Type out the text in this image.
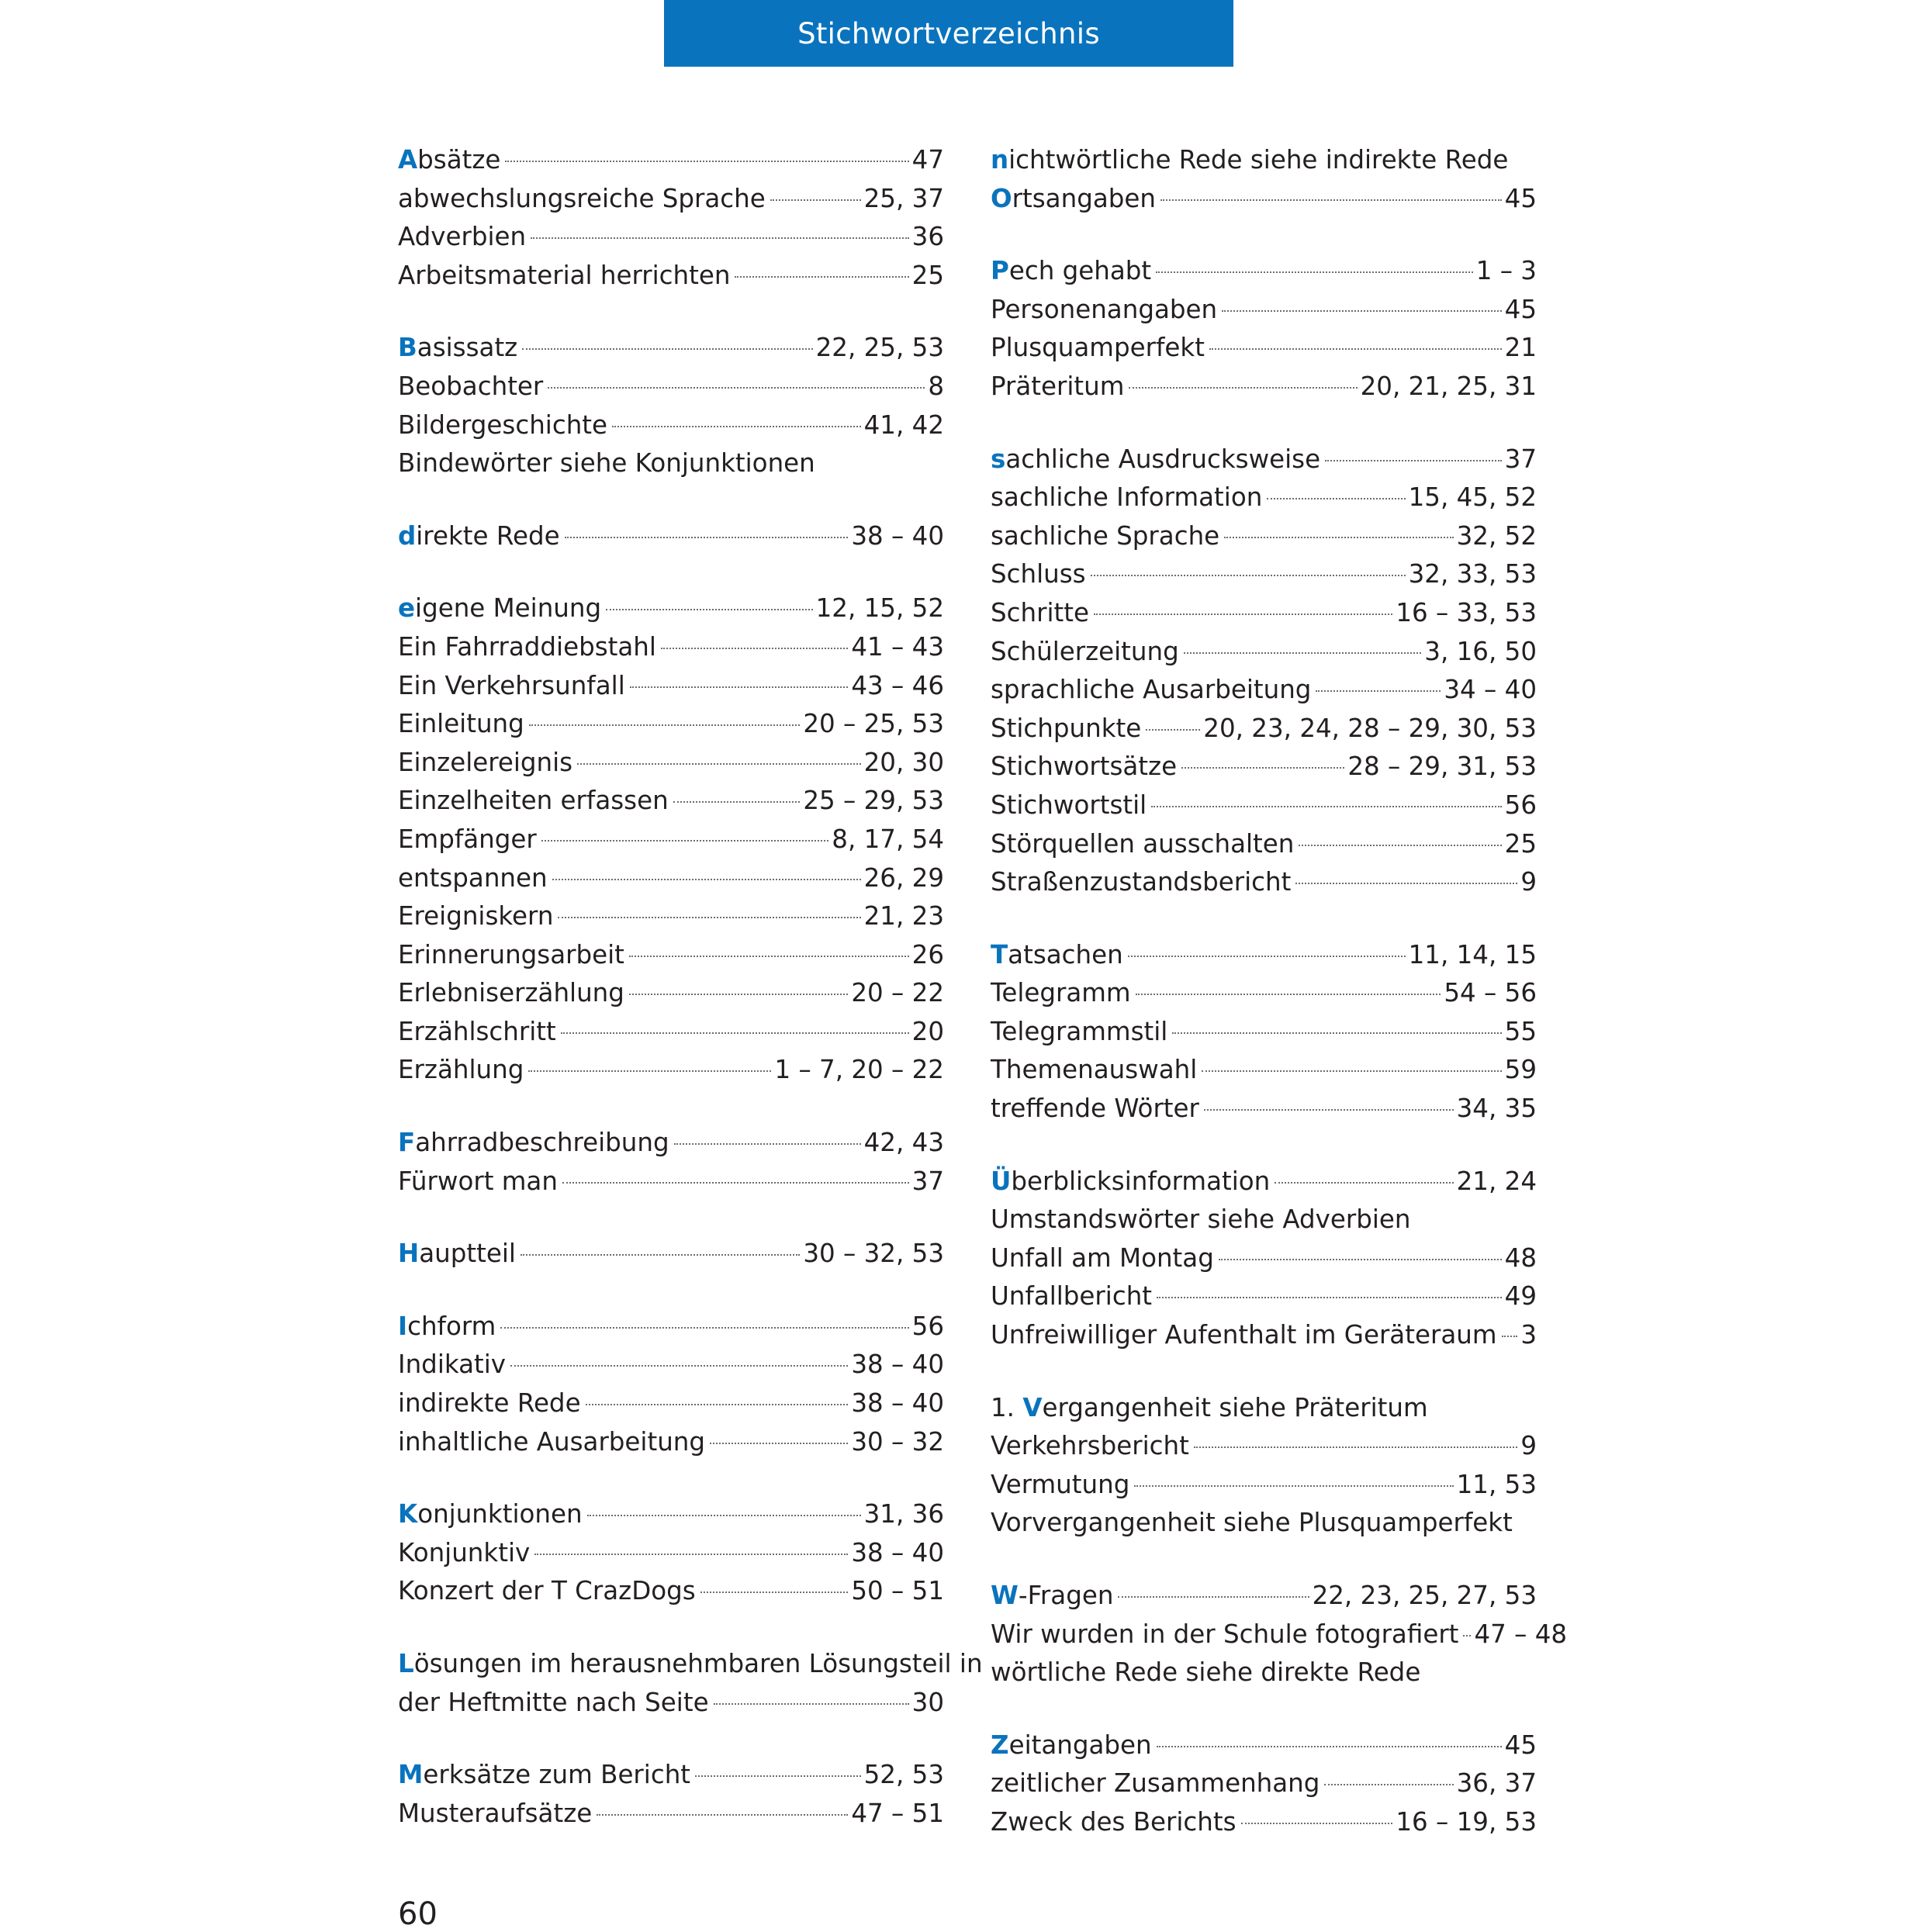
Stichwortverzeichnis
Absätze	47
abwechslungsreiche Sprache	25, 37
Adverbien	36
Arbeitsmaterial herrichten	25
Basissatz	22, 25, 53
Beobachter	8
Bildergeschichte	41, 42
Bindewörter siehe Konjunktionen
direkte Rede	38 – 40
eigene Meinung	12, 15, 52
Ein Fahrraddiebstahl	41 – 43
Ein Verkehrsunfall	43 – 46
Einleitung	20 – 25, 53
Einzelereignis	20, 30
Einzelheiten erfassen	25 – 29, 53
Empfänger	8, 17, 54
entspannen	26, 29
Ereigniskern	21, 23
Erinnerungsarbeit	26
Erlebniserzählung	20 – 22
Erzählschritt	20
Erzählung	1 – 7, 20 – 22
Fahrradbeschreibung	42, 43
Fürwort man	37
Hauptteil	30 – 32, 53
Ichform	56
Indikativ	38 – 40
indirekte Rede	38 – 40
inhaltliche Ausarbeitung	30 – 32
Konjunktionen	31, 36
Konjunktiv	38 – 40
Konzert der T CrazDogs	50 – 51
Lösungen im herausnehmbaren Lösungsteil in
der Heftmitte nach Seite	30
Merksätze zum Bericht	52, 53
Musteraufsätze	47 – 51
nichtwörtliche Rede siehe indirekte Rede
Ortsangaben	45
Pech gehabt	1 – 3
Personenangaben	45
Plusquamperfekt	21
Präteritum	20, 21, 25, 31
sachliche Ausdrucksweise	37
sachliche Information	15, 45, 52
sachliche Sprache	32, 52
Schluss	32, 33, 53
Schritte	16 – 33, 53
Schülerzeitung	3, 16, 50
sprachliche Ausarbeitung	34 – 40
Stichpunkte 20, 23, 24, 28 – 29, 30, 53
Stichwortsätze	28 – 29, 31, 53
Stichwortstil	56
Störquellen ausschalten	25
Straßenzustandsbericht	9
Tatsachen	11, 14, 15
Telegramm	54 – 56
Telegrammstil	55
Themenauswahl	59
treffende Wörter	34, 35
Überblicksinformation	21, 24
Umstandswörter siehe Adverbien
Unfall am Montag	48
Unfallbericht	49
Unfreiwilliger Aufenthalt im Geräteraum 3
1. Vergangenheit siehe Präteritum
Verkehrsbericht	9
Vermutung	11, 53
Vorvergangenheit siehe Plusquamperfekt
W-Fragen	22, 23, 25, 27, 53
Wir wurden in der Schule fotografiert 47 – 48
wörtliche Rede siehe direkte Rede
Zeitangaben	45
zeitlicher Zusammenhang	36, 37
Zweck des Berichts	16 – 19, 53
60
